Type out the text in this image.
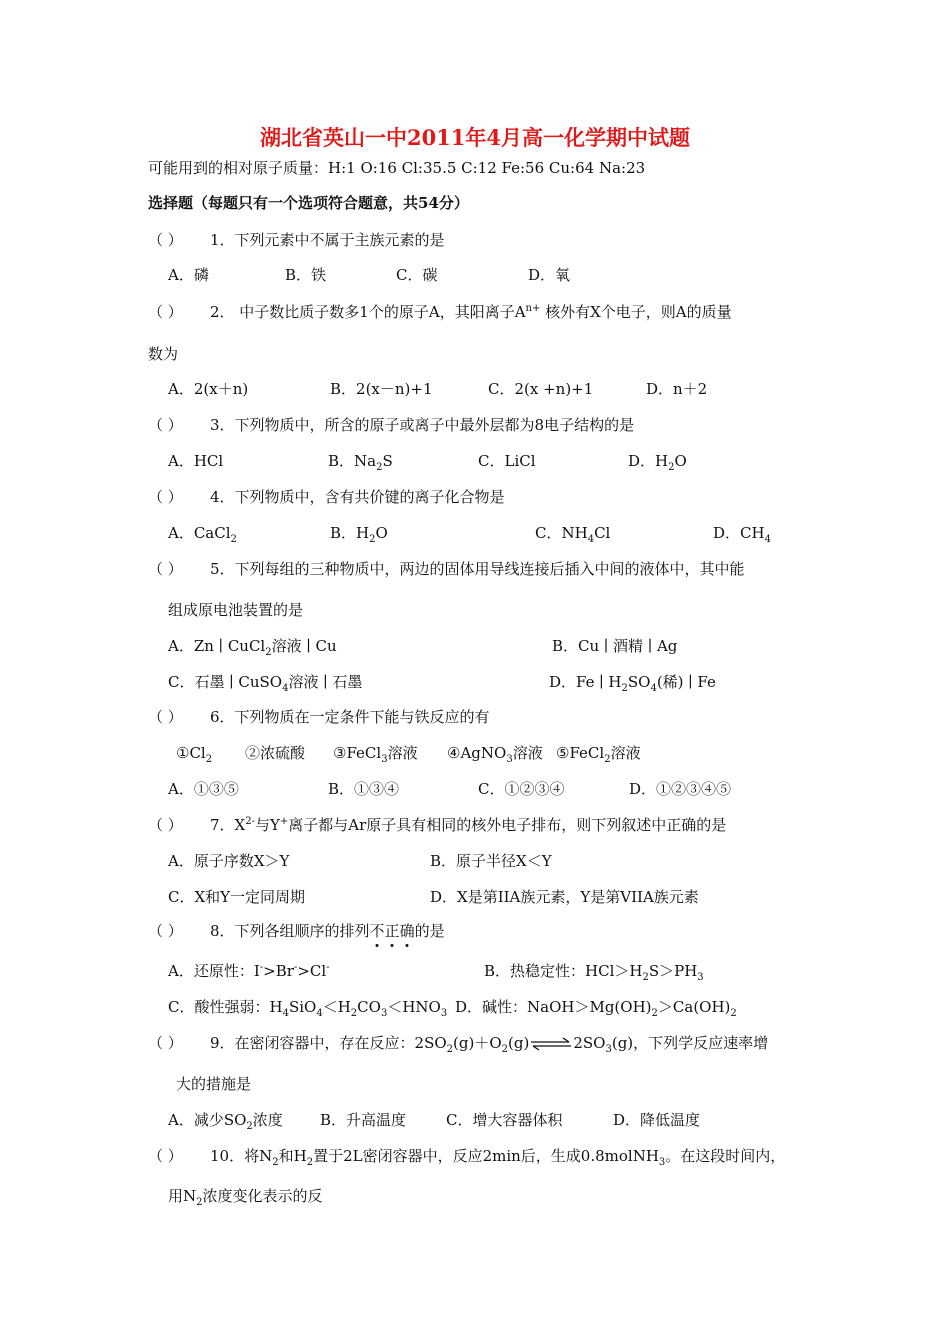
湖北省英山一中2011年4月高一化学期中试题
可能用到的相对原子质量：H:1 O:16 Cl:35.5 C:12 Fe:56 Cu:64 Na:23
选择题（每题只有一个选项符合题意，共54分）
（ ） 1．下列元素中不属于主族元素的是
A．磷	B．铁	C．碳	D．氧
（ ） 2． 中子数比质子数多1个的原子A，其阳离子$A^{n+}$ 核外有X个电子，则A的质量
数为
A．2(x＋n)	B．2(x－n)+1	C．2(x +n)+1	D．n＋2
（ ） 3．下列物质中，所含的原子或离子中最外层都为8电子结构的是
A．HCl	B．$Na_2S$	C．LiCl	D．$H_2O$
（ ） 4．下列物质中，含有共价键的离子化合物是
A．CaCl$_2$	B．$H_2O$	C．$NH_4Cl$	D．$CH_4$
（ ） 5．下列每组的三种物质中，两边的固体用导线连接后插入中间的液体中，其中能
组成原电池装置的是
A．Zn ∣ CuCl$_2$溶液 ∣ Cu	B．Cu ∣ 酒精 ∣ Ag
C．石墨 ∣ CuSO$_4$溶液 ∣ 石墨	D．Fe ∣ $H_2SO_4$(稀) ∣ Fe
（ ） 6．下列物质在一定条件下能与铁反应的有
$①Cl_2$ ②浓硫酸 ③FeCl$_3$溶液 ④AgNO$_3$溶液 ⑤FeCl$_2$溶液
A．①③⑤	B．①③④	C．①②③④	D．①②③④⑤
（ ） 7．$X^{2-}$与Y+离子都与Ar原子具有相同的核外电子排布，则下列叙述中正确的是
A．原子序数X＞Y	B．原子半径X＜Y
C．X和Y一定同周期	D．X是第IIA族元素，Y是第VIIA族元素
（ ） 8．下列各组顺序的排列不正确的是
A．还原性：I->Br->Cl-	B．热稳定性：$HCl>H_2S>PH_3$
C．酸性强弱：$H_4SiO_4<H_2CO_3<HNO_3$ D．碱性：$NaOH>Mg(OH)_2>Ca(OH)_2$
（ ） 9．在密闭容器中，存在反应：$2SO_2(g)+O_2(g)\rightleftharpoons 2SO_3(g)$，下列学反应速率增
大的措施是
A．减少$SO_2$浓度 B．升高温度	C．增大容器体积	D．降低温度
（ ） 10．将$N_2$和$H_2$置于2L密闭容器中，反应2min后，生成0.8molNH$_3$。在这段时间内，
用$N_2$浓度变化表示的反
